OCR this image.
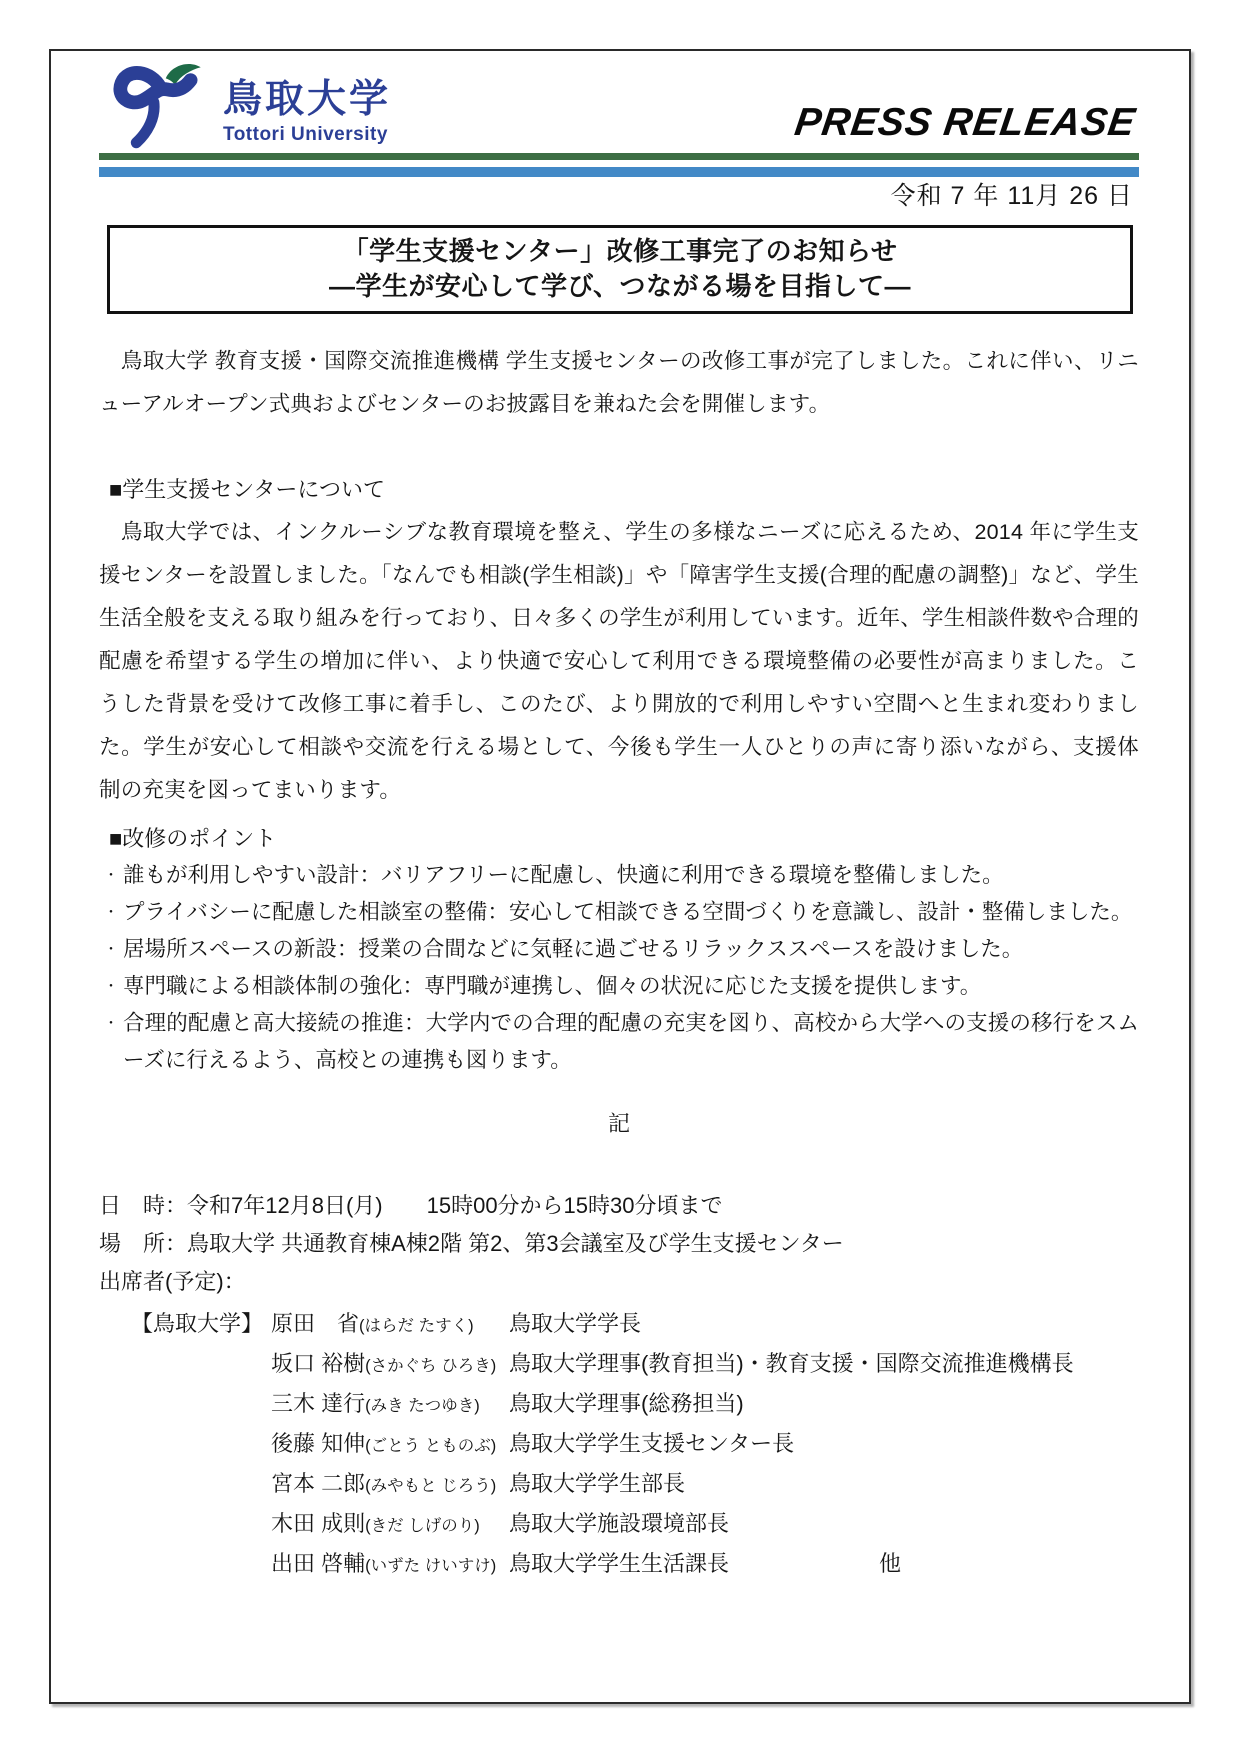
鳥取大学
Tottori University	PRESS RELEASE
令和 7 年 11月 26 日
「学生支援センター」改修工事完了のお知らせ
―学生が安心して学び、つながる場を目指して―

　鳥取大学 教育支援・国際交流推進機構 学生支援センターの改修工事が完了しました。これに伴い、リニューアルオープン式典およびセンターのお披露目を兼ねた会を開催します。

■学生支援センターについて

　鳥取大学では、インクルーシブな教育環境を整え、学生の多様なニーズに応えるため、2014 年に学生支援センターを設置しました。「なんでも相談(学生相談)」や「障害学生支援(合理的配慮の調整)」など、学生生活全般を支える取り組みを行っており、日々多くの学生が利用しています。近年、学生相談件数や合理的配慮を希望する学生の増加に伴い、より快適で安心して利用できる環境整備の必要性が高まりました。こうした背景を受けて改修工事に着手し、このたび、より開放的で利用しやすい空間へと生まれ変わりました。学生が安心して相談や交流を行える場として、今後も学生一人ひとりの声に寄り添いながら、支援体制の充実を図ってまいります。

■改修のポイント
・ 誰もが利用しやすい設計：バリアフリーに配慮し、快適に利用できる環境を整備しました。
・ プライバシーに配慮した相談室の整備：安心して相談できる空間づくりを意識し、設計・整備しました。
・ 居場所スペースの新設：授業の合間などに気軽に過ごせるリラックススペースを設けました。
・ 専門職による相談体制の強化：専門職が連携し、個々の状況に応じた支援を提供します。
・ 合理的配慮と高大接続の推進：大学内での合理的配慮の充実を図り、高校から大学への支援の移行をスムーズに行えるよう、高校との連携も図ります。
記
日　時：令和7年12月8日(月)　　15時00分から15時30分頃まで
場　所：鳥取大学 共通教育棟A棟2階 第2、第3会議室及び学生支援センター
出席者(予定)：
【鳥取大学】 原田　省(はらだ たすく)	鳥取大学学長
坂口 裕樹(さかぐち ひろき) 鳥取大学理事(教育担当)・教育支援・国際交流推進機構長
三木 達行(みき たつゆき)	鳥取大学理事(総務担当)
後藤 知伸(ごとう とものぶ) 鳥取大学学生支援センター長
宮本 二郎(みやもと じろう) 鳥取大学学生部長
木田 成則(きだ しげのり)	鳥取大学施設環境部長
出田 啓輔(いずた けいすけ) 鳥取大学学生生活課長	他
